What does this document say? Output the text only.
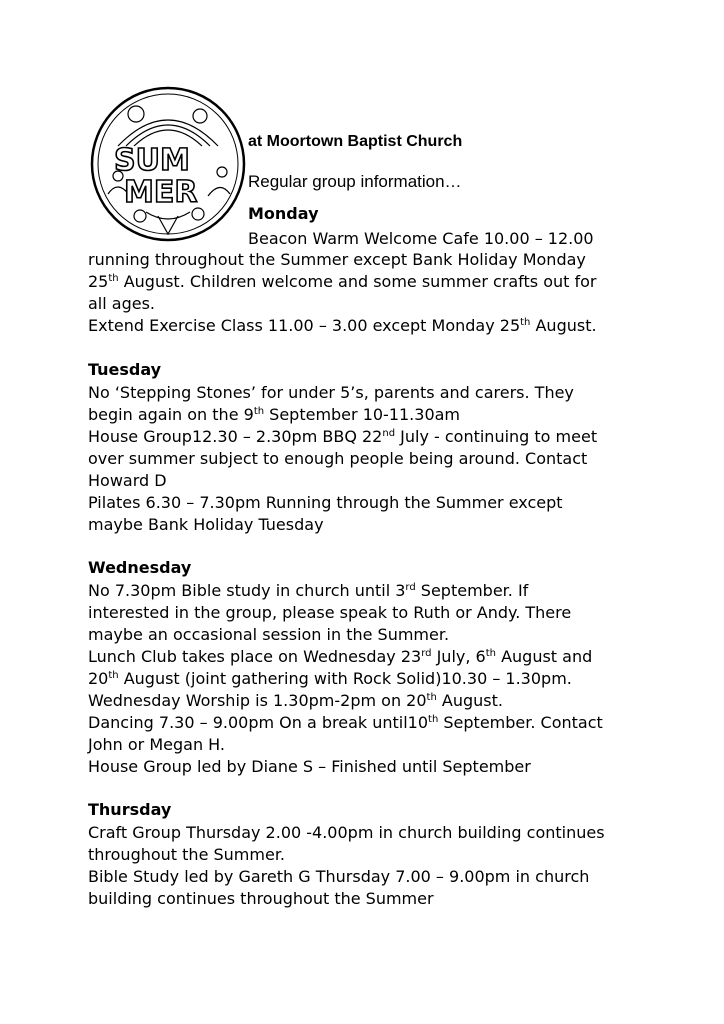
SUM
MER
at Moortown Baptist Church
Regular group information…
Monday
Beacon Warm Welcome Cafe 10.00 – 12.00
running throughout the Summer except Bank Holiday Monday
25th August. Children welcome and some summer crafts out for
all ages.
Extend Exercise Class 11.00 – 3.00 except Monday 25th August.
Tuesday
No ‘Stepping Stones’ for under 5’s, parents and carers. They
begin again on the 9th September 10-11.30am
House Group12.30 – 2.30pm BBQ 22nd July - continuing to meet
over summer subject to enough people being around. Contact
Howard D
Pilates 6.30 – 7.30pm Running through the Summer except
maybe Bank Holiday Tuesday
Wednesday
No 7.30pm Bible study in church until 3rd September. If
interested in the group, please speak to Ruth or Andy. There
maybe an occasional session in the Summer.
Lunch Club takes place on Wednesday 23rd July, 6th August and
20th August (joint gathering with Rock Solid)10.30 – 1.30pm.
Wednesday Worship is 1.30pm-2pm on 20th August.
Dancing 7.30 – 9.00pm On a break until10th September. Contact
John or Megan H.
House Group led by Diane S – Finished until September
Thursday
Craft Group Thursday 2.00 -4.00pm in church building continues
throughout the Summer.
Bible Study led by Gareth G Thursday 7.00 – 9.00pm in church
building continues throughout the Summer
